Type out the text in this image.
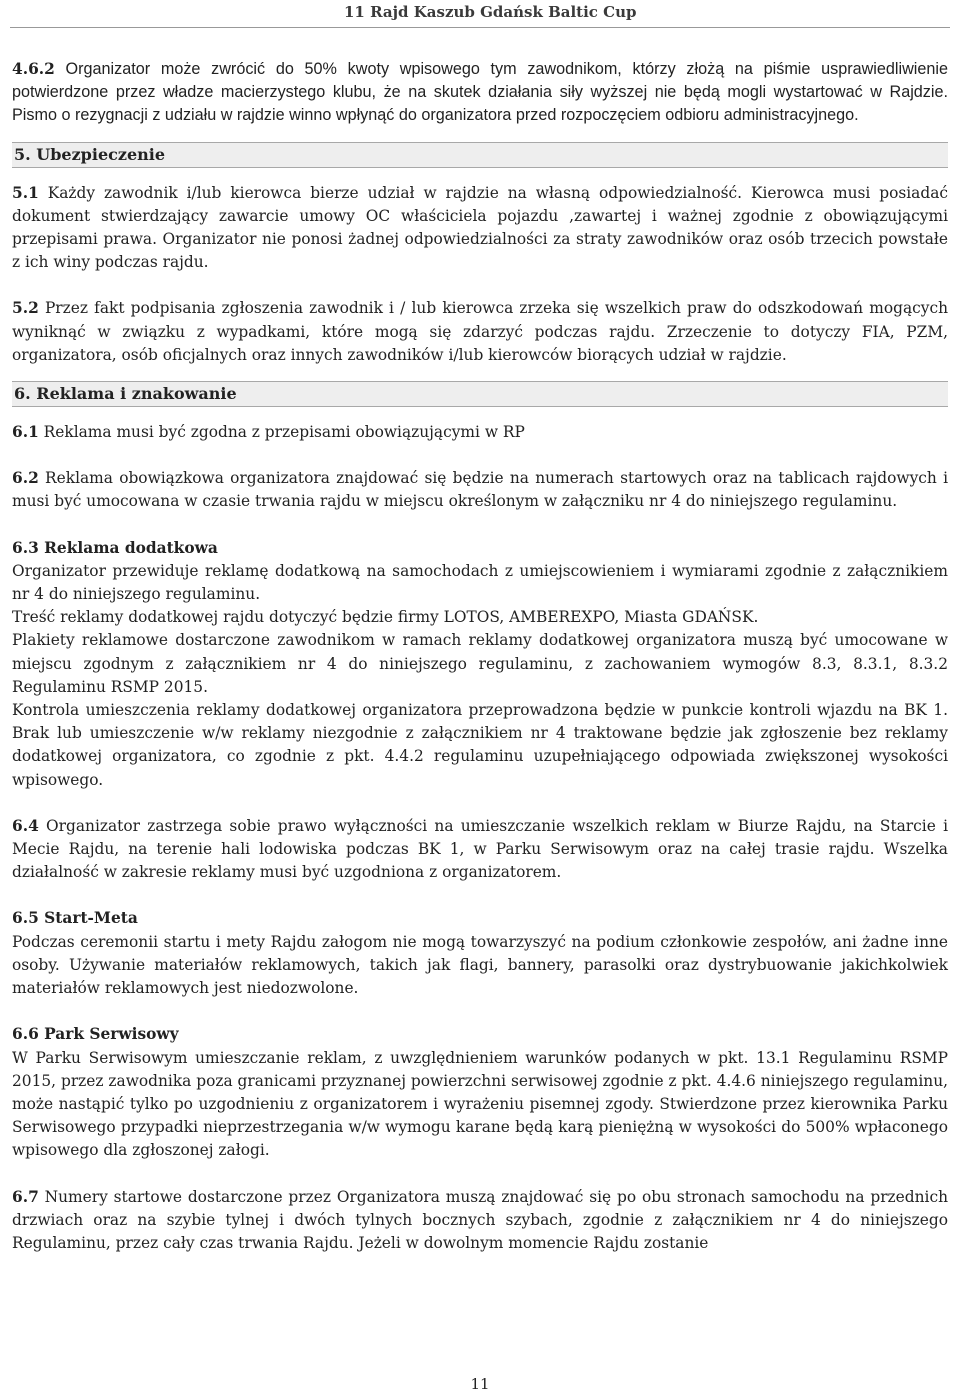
11 Rajd Kaszub Gdańsk Baltic Cup

4.6.2 Organizator może zwrócić do 50% kwoty wpisowego tym zawodnikom, którzy złożą na piśmie usprawiedliwienie potwierdzone przez władze macierzystego klubu, że na skutek działania siły wyższej nie będą mogli wystartować w Rajdzie. Pismo o rezygnacji z udziału w rajdzie winno wpłynąć do organizatora przed rozpoczęciem odbioru administracyjnego.

5. Ubezpieczenie

5.1 Każdy zawodnik i/lub kierowca bierze udział w rajdzie na własną odpowiedzialność. Kierowca musi posiadać dokument stwierdzający zawarcie umowy OC właściciela pojazdu ,zawartej i ważnej zgodnie z obowiązującymi przepisami prawa. Organizator nie ponosi żadnej odpowiedzialności za straty zawodników oraz osób trzecich powstałe z ich winy podczas rajdu.

5.2 Przez fakt podpisania zgłoszenia zawodnik i / lub kierowca zrzeka się wszelkich praw do odszkodowań mogących wyniknąć w związku z wypadkami, które mogą się zdarzyć podczas rajdu. Zrzeczenie to dotyczy FIA, PZM, organizatora, osób oficjalnych oraz innych zawodników i/lub kierowców biorących udział w rajdzie.

6. Reklama i znakowanie

6.1 Reklama musi być zgodna z przepisami obowiązującymi w RP

6.2 Reklama obowiązkowa organizatora znajdować się będzie na numerach startowych oraz na tablicach rajdowych i musi być umocowana w czasie trwania rajdu w miejscu określonym w załączniku nr 4 do niniejszego regulaminu.

6.3 Reklama dodatkowa

Organizator przewiduje reklamę dodatkową na samochodach z umiejscowieniem i wymiarami zgodnie z załącznikiem nr 4 do niniejszego regulaminu.

Treść reklamy dodatkowej rajdu dotyczyć będzie firmy LOTOS, AMBEREXPO, Miasta GDAŃSK.

Plakiety reklamowe dostarczone zawodnikom w ramach reklamy dodatkowej organizatora muszą być umocowane w miejscu zgodnym z załącznikiem nr 4 do niniejszego regulaminu, z zachowaniem wymogów 8.3, 8.3.1, 8.3.2 Regulaminu RSMP 2015.

Kontrola umieszczenia reklamy dodatkowej organizatora przeprowadzona będzie w punkcie kontroli wjazdu na BK 1. Brak lub umieszczenie w/w reklamy niezgodnie z załącznikiem nr 4 traktowane będzie jak zgłoszenie bez reklamy dodatkowej organizatora, co zgodnie z pkt. 4.4.2 regulaminu uzupełniającego odpowiada zwiększonej wysokości wpisowego.

6.4 Organizator zastrzega sobie prawo wyłączności na umieszczanie wszelkich reklam w Biurze Rajdu, na Starcie i Mecie Rajdu, na terenie hali lodowiska podczas BK 1, w Parku Serwisowym oraz na całej trasie rajdu. Wszelka działalność w zakresie reklamy musi być uzgodniona z organizatorem.

6.5 Start-Meta

Podczas ceremonii startu i mety Rajdu załogom nie mogą towarzyszyć na podium członkowie zespołów, ani żadne inne osoby. Używanie materiałów reklamowych, takich jak flagi, bannery, parasolki oraz dystrybuowanie jakichkolwiek materiałów reklamowych jest niedozwolone.

6.6 Park Serwisowy

W Parku Serwisowym umieszczanie reklam, z uwzględnieniem warunków podanych w pkt. 13.1 Regulaminu RSMP 2015, przez zawodnika poza granicami przyznanej powierzchni serwisowej zgodnie z pkt. 4.4.6 niniejszego regulaminu, może nastąpić tylko po uzgodnieniu z organizatorem i wyrażeniu pisemnej zgody. Stwierdzone przez kierownika Parku Serwisowego przypadki nieprzestrzegania w/w wymogu karane będą karą pieniężną w wysokości do 500% wpłaconego wpisowego dla zgłoszonej załogi.

6.7 Numery startowe dostarczone przez Organizatora muszą znajdować się po obu stronach samochodu na przednich drzwiach oraz na szybie tylnej i dwóch tylnych bocznych szybach, zgodnie z załącznikiem nr 4 do niniejszego Regulaminu, przez cały czas trwania Rajdu. Jeżeli w dowolnym momencie Rajdu zostanie

11
